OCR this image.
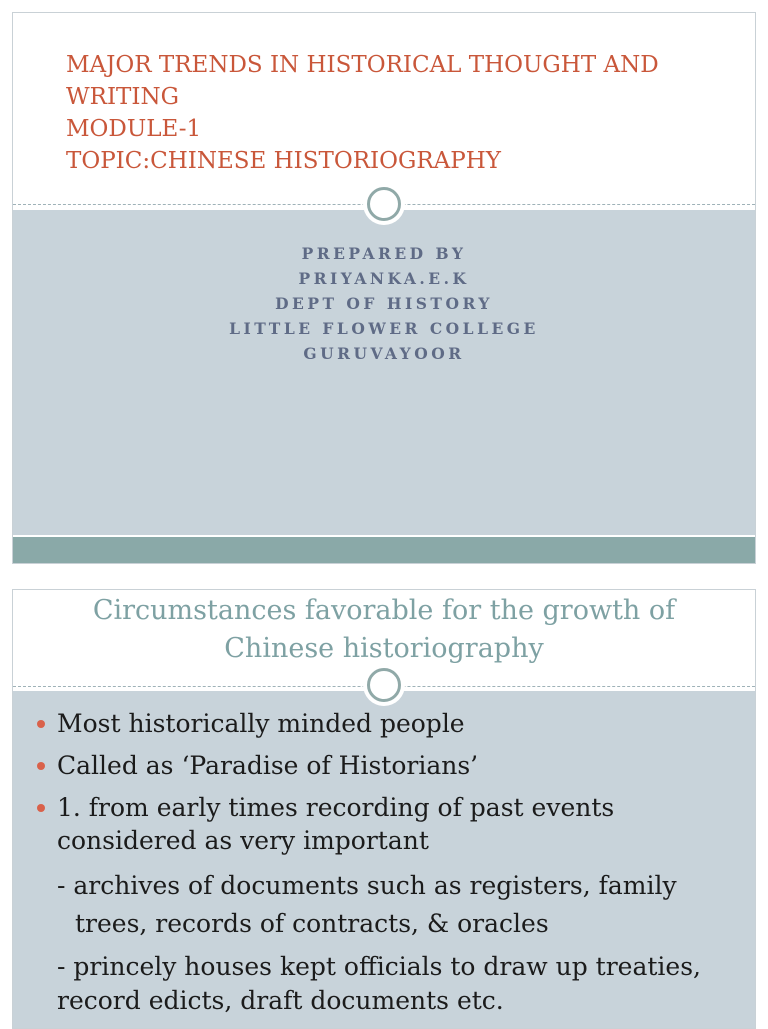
MAJOR TRENDS IN HISTORICAL THOUGHT AND
WRITING
MODULE-1
TOPIC:CHINESE HISTORIOGRAPHY
PREPARED BY
PRIYANKA.E.K
DEPT OF HISTORY
LITTLE FLOWER COLLEGE
GURUVAYOOR
Circumstances favorable for the growth of
Chinese historiography
Most historically minded people
Called as ‘Paradise of Historians’
1. from early times recording of past events considered as very important
- archives of documents such as registers, family
trees, records of contracts, & oracles
- princely houses kept officials to draw up treaties,
record edicts, draft documents etc.
